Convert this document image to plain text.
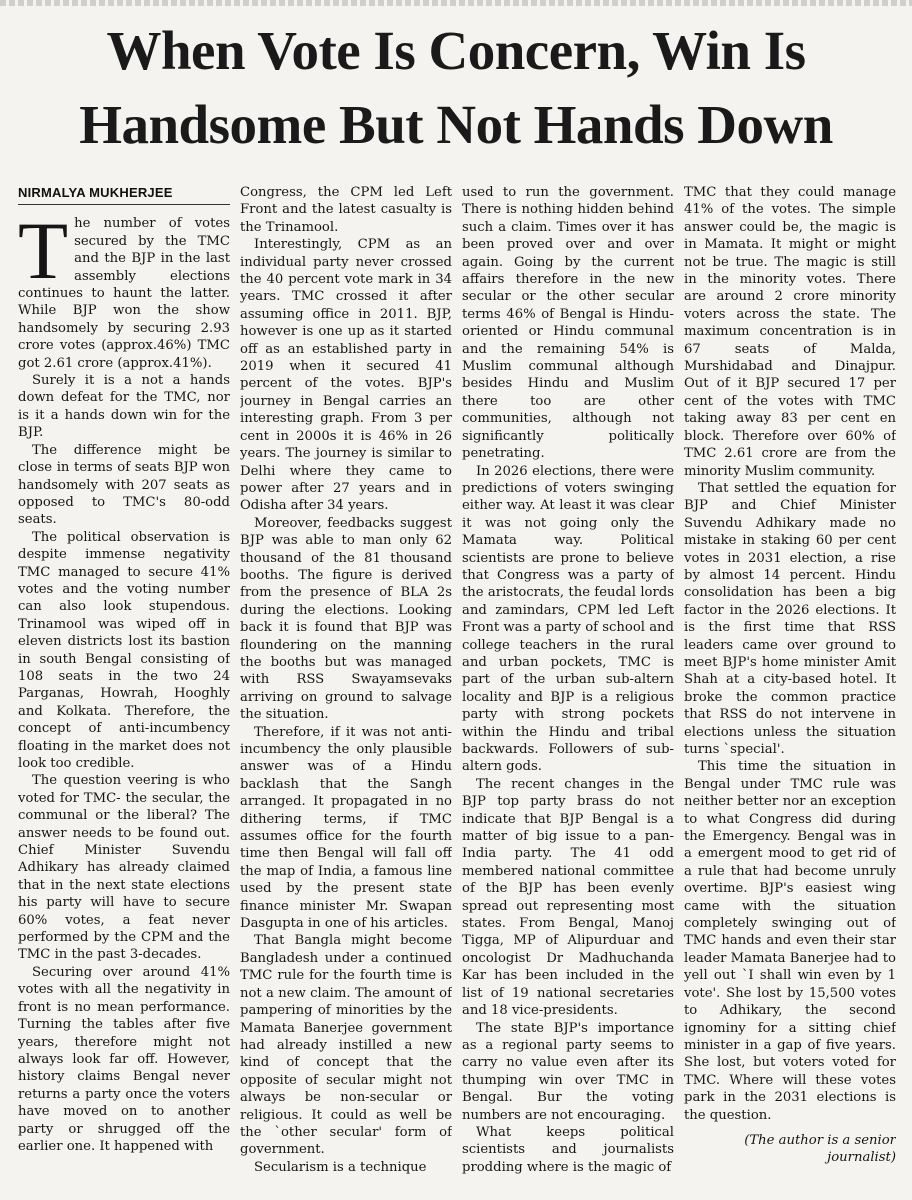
When Vote Is Concern, Win Is
Handsome But Not Hands Down
NIRMALYA MUKHERJEE

The number of votes secured by the TMC and the BJP in the last assembly elections continues to haunt the latter. While BJP won the show handsomely by securing 2.93 crore votes (approx.46%) TMC got 2.61 crore (approx.41%).

Surely it is a not a hands down defeat for the TMC, nor is it a hands down win for the BJP.

The difference might be close in terms of seats BJP won handsomely with 207 seats as opposed to TMC's 80-odd seats.

The political observation is despite immense negativity TMC managed to secure 41% votes and the voting number can also look stupendous. Trinamool was wiped off in eleven districts lost its bastion in south Bengal consisting of 108 seats in the two 24 Parganas, Howrah, Hooghly and Kolkata. Therefore, the concept of anti-incumbency floating in the market does not look too credible.

The question veering is who voted for TMC- the secular, the communal or the liberal? The answer needs to be found out. Chief Minister Suvendu Adhikary has already claimed that in the next state elections his party will have to secure 60% votes, a feat never performed by the CPM and the TMC in the past 3-decades.

Securing over around 41% votes with all the negativity in front is no mean performance. Turning the tables after five years, therefore might not always look far off. However, history claims Bengal never returns a party once the voters have moved on to another party or shrugged off the earlier one. It happened with

Congress, the CPM led Left Front and the latest casualty is the Trinamool.

Interestingly, CPM as an individual party never crossed the 40 percent vote mark in 34 years. TMC crossed it after assuming office in 2011. BJP, however is one up as it started off as an established party in 2019 when it secured 41 percent of the votes. BJP's journey in Bengal carries an interesting graph. From 3 per cent in 2000s it is 46% in 26 years. The journey is similar to Delhi where they came to power after 27 years and in Odisha after 34 years.

Moreover, feedbacks suggest BJP was able to man only 62 thousand of the 81 thousand booths. The figure is derived from the presence of BLA 2s during the elections. Looking back it is found that BJP was floundering on the manning the booths but was managed with RSS Swayamsevaks arriving on ground to salvage the situation.

Therefore, if it was not anti-incumbency the only plausible answer was of a Hindu backlash that the Sangh arranged. It propagated in no dithering terms, if TMC assumes office for the fourth time then Bengal will fall off the map of India, a famous line used by the present state finance minister Mr. Swapan Dasgupta in one of his articles.

That Bangla might become Bangladesh under a continued TMC rule for the fourth time is not a new claim. The amount of pampering of minorities by the Mamata Banerjee government had already instilled a new kind of concept that the opposite of secular might not always be non-secular or religious. It could as well be the `other secular' form of government.

Secularism is a technique

used to run the government. There is nothing hidden behind such a claim. Times over it has been proved over and over again. Going by the current affairs therefore in the new secular or the other secular terms 46% of Bengal is Hindu-oriented or Hindu communal and the remaining 54% is Muslim communal although besides Hindu and Muslim there too are other communities, although not significantly politically penetrating.

In 2026 elections, there were predictions of voters swinging either way. At least it was clear it was not going only the Mamata way. Political scientists are prone to believe that Congress was a party of the aristocrats, the feudal lords and zamindars, CPM led Left Front was a party of school and college teachers in the rural and urban pockets, TMC is part of the urban sub-altern locality and BJP is a religious party with strong pockets within the Hindu and tribal backwards. Followers of sub-altern gods.

The recent changes in the BJP top party brass do not indicate that BJP Bengal is a matter of big issue to a pan-India party. The 41 odd membered national committee of the BJP has been evenly spread out representing most states. From Bengal, Manoj Tigga, MP of Alipurduar and oncologist Dr Madhuchanda Kar has been included in the list of 19 national secretaries and 18 vice-presidents.

The state BJP's importance as a regional party seems to carry no value even after its thumping win over TMC in Bengal. Bur the voting numbers are not encouraging.

What keeps political scientists and journalists prodding where is the magic of

TMC that they could manage 41% of the votes. The simple answer could be, the magic is in Mamata. It might or might not be true. The magic is still in the minority votes. There are around 2 crore minority voters across the state. The maximum concentration is in 67 seats of Malda, Murshidabad and Dinajpur. Out of it BJP secured 17 per cent of the votes with TMC taking away 83 per cent en block. Therefore over 60% of TMC 2.61 crore are from the minority Muslim community.

That settled the equation for BJP and Chief Minister Suvendu Adhikary made no mistake in staking 60 per cent votes in 2031 election, a rise by almost 14 percent. Hindu consolidation has been a big factor in the 2026 elections. It is the first time that RSS leaders came over ground to meet BJP's home minister Amit Shah at a city-based hotel. It broke the common practice that RSS do not intervene in elections unless the situation turns `special'.

This time the situation in Bengal under TMC rule was neither better nor an exception to what Congress did during the Emergency. Bengal was in a emergent mood to get rid of a rule that had become unruly overtime. BJP's easiest wing came with the situation completely swinging out of TMC hands and even their star leader Mamata Banerjee had to yell out `I shall win even by 1 vote'. She lost by 15,500 votes to Adhikary, the second ignominy for a sitting chief minister in a gap of five years. She lost, but voters voted for TMC. Where will these votes park in the 2031 elections is the question.

(The author is a senior journalist)
